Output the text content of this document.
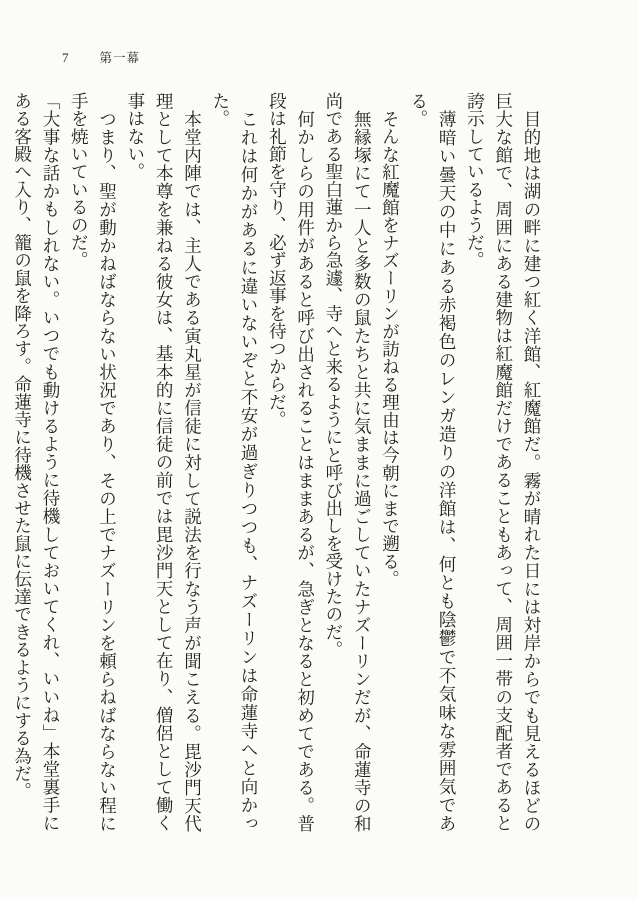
7 第一幕

目的地は湖の畔に建つ紅く洋館、紅魔館だ。霧が晴れた日には対岸からでも見えるほどの巨大な館で、周囲にある建物は紅魔館だけであることもあって、周囲一帯の支配者であると誇示しているようだ。

薄暗い曇天の中にある赤褐色のレンガ造りの洋館は、何とも陰鬱で不気味な雰囲気である。

そんな紅魔館をナズーリンが訪ねる理由は今朝にまで遡る。

無縁塚にて一人と多数の鼠たちと共に気ままに過ごしていたナズーリンだが、命蓮寺の和尚である聖白蓮から急遽、寺へと来るようにと呼び出しを受けたのだ。

何かしらの用件があると呼び出されることはままあるが、急ぎとなると初めてである。普段は礼節を守り、必ず返事を待つからだ。

これは何かがあるに違いないぞと不安が過ぎりつつも、ナズーリンは命蓮寺へと向かった。

本堂内陣では、主人である寅丸星が信徒に対して説法を行なう声が聞こえる。毘沙門天代理として本尊を兼ねる彼女は、基本的に信徒の前では毘沙門天として在り、僧侶として働く事はない。

つまり、聖が動かねばならない状況であり、その上でナズーリンを頼らねばならない程に手を焼いているのだ。

「大事な話かもしれない。いつでも動けるように待機しておいてくれ、いいね」本堂裏手にある客殿へ入り、籠の鼠を降ろす。命蓮寺に待機させた鼠に伝達できるようにする為だ。
